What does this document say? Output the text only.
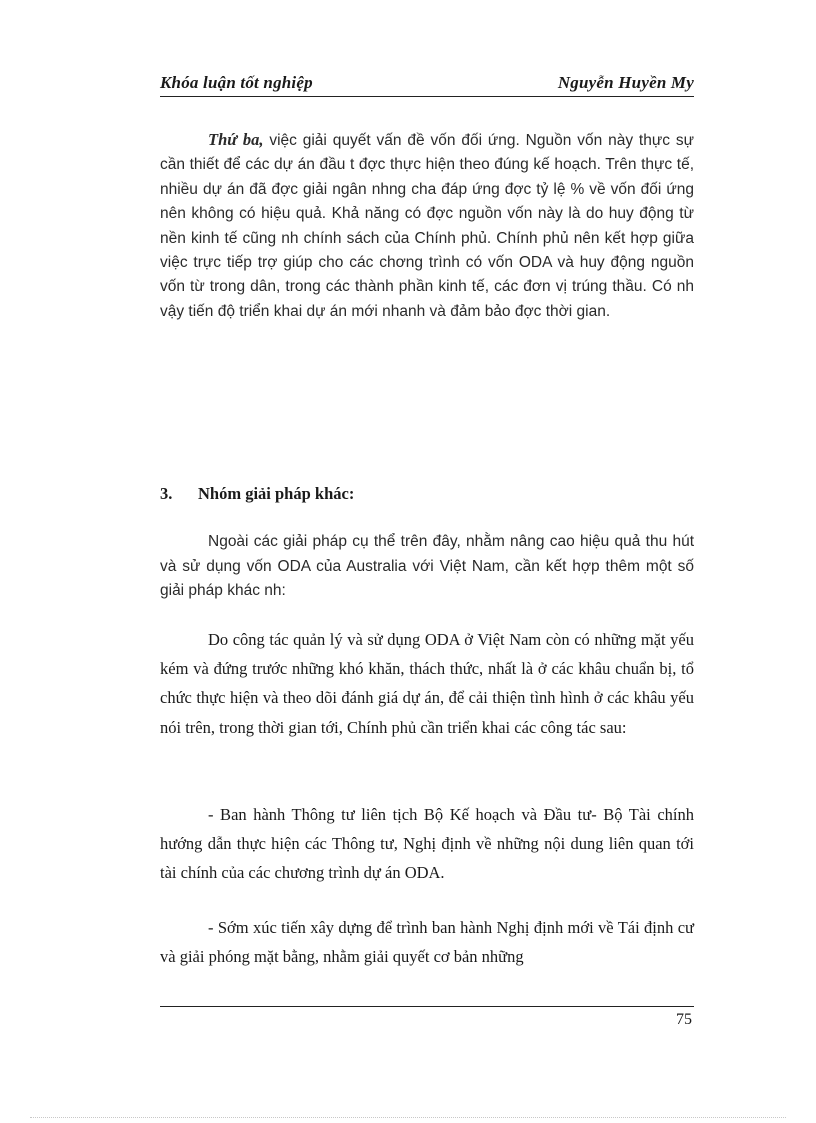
Khóa luận tốt nghiệp	Nguyễn Huyền My

Thứ ba, việc giải quyết vấn đề vốn đối ứng. Nguồn vốn này thực sự cần thiết để các dự án đầu t đợc thực hiện theo đúng kế hoạch. Trên thực tế, nhiều dự án đã đợc giải ngân nhng cha đáp ứng đợc tỷ lệ % về vốn đối ứng nên không có hiệu quả. Khả năng có đợc nguồn vốn này là do huy động từ nền kinh tế cũng nh chính sách của Chính phủ. Chính phủ nên kết hợp giữa việc trực tiếp trợ giúp cho các chơng trình có vốn ODA và huy động nguồn vốn từ trong dân, trong các thành phần kinh tế, các đơn vị trúng thầu. Có nh vậy tiến độ triển khai dự án mới nhanh và đảm bảo đợc thời gian.

3. Nhóm giải pháp khác:

Ngoài các giải pháp cụ thể trên đây, nhằm nâng cao hiệu quả thu hút và sử dụng vốn ODA của Australia với Việt Nam, cần kết hợp thêm một số giải pháp khác nh:

Do công tác quản lý và sử dụng ODA ở Việt Nam còn có những mặt yếu kém và đứng trước những khó khăn, thách thức, nhất là ở các khâu chuẩn bị, tổ chức thực hiện và theo dõi đánh giá dự án, để cải thiện tình hình ở các khâu yếu nói trên, trong thời gian tới, Chính phủ cần triển khai các công tác sau:

- Ban hành Thông tư liên tịch Bộ Kế hoạch và Đầu tư- Bộ Tài chính hướng dẫn thực hiện các Thông tư, Nghị định về những nội dung liên quan tới tài chính của các chương trình dự án ODA.

- Sớm xúc tiến xây dựng để trình ban hành Nghị định mới về Tái định cư và giải phóng mặt bằng, nhằm giải quyết cơ bản những

75
